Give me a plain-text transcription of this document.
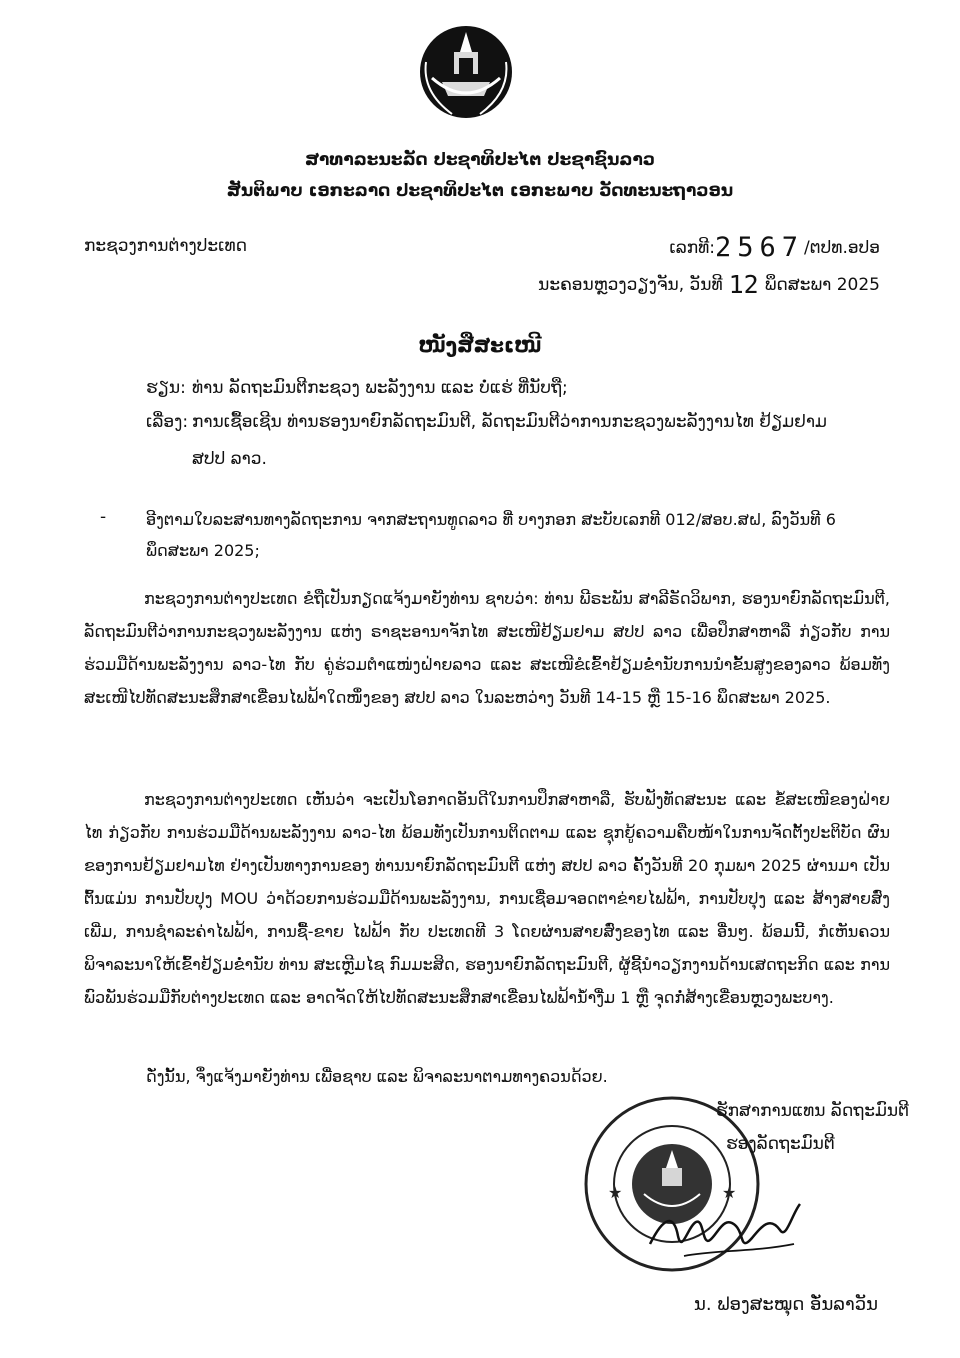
ສາທາລະນະລັດ ປະຊາທິປະໄຕ ປະຊາຊົນລາວ
ສັນຕິພາບ ເອກະລາດ ປະຊາທິປະໄຕ ເອກະພາບ ວັດທະນະຖາວອນ
ກະຊວງການຕ່າງປະເທດ	ເລກທີ:2567/ຕປທ.ອປອ
ນະຄອນຫຼວງວຽງຈັນ, ວັນທີ 12 ພຶດສະພາ 2025
ໜັງສືສະເໜີ
ຮຽນ: ທ່ານ ລັດຖະມົນຕີກະຊວງ ພະລັງງານ ແລະ ບໍ່ແຮ່ ທີ່ນັບຖື;
ເລື່ອງ: ການເຊື້ອເຊີນ ທ່ານຮອງນາຍົກລັດຖະມົນຕີ, ລັດຖະມົນຕີວ່າການກະຊວງພະລັງງານໄທ ຢ້ຽມຢາມ
ສປປ ລາວ.
- ອີງຕາມໃບລະສານທາງລັດຖະການ ຈາກສະຖານທູດລາວ ທີ່ ບາງກອກ ສະບັບເລກທີ 012/ສອບ.ສຝ, ລົງວັນທີ 6 ພຶດສະພາ 2025;
ກະຊວງການຕ່າງປະເທດ ຂໍຖືເປັນກຽດແຈ້ງມາຍັງທ່ານ ຊາບວ່າ: ທ່ານ ພີຣະພັນ ສາລີຣັດວິພາກ, ຮອງນາຍົກລັດຖະມົນຕີ, ລັດຖະມົນຕີວ່າການກະຊວງພະລັງງານ ແຫ່ງ ຣາຊະອານາຈັກໄທ ສະເໜີຢ້ຽມຢາມ ສປປ ລາວ ເພື່ອປຶກສາຫາລື ກ່ຽວກັບ ການຮ່ວມມືດ້ານພະລັງງານ ລາວ-ໄທ ກັບ ຄູ່ຮ່ວມຕຳແໜ່ງຝ່າຍລາວ ແລະ ສະເໜີຂໍເຂົ້າຢ້ຽມຂໍ່ານັບການນຳຂັ້ນສູງຂອງລາວ ພ້ອມທັງສະເໜີໄປທັດສະນະສຶກສາເຂື່ອນໄຟຟ້າໃດໜຶ່ງຂອງ ສປປ ລາວ ໃນລະຫວ່າງ ວັນທີ 14-15 ຫຼື 15-16 ພຶດສະພາ 2025.
ກະຊວງການຕ່າງປະເທດ ເຫັນວ່າ ຈະເປັນໂອກາດອັນດີໃນການປຶກສາຫາລື, ຮັບຟັງທັດສະນະ ແລະ ຂໍ້ສະເໜີຂອງຝ່າຍໄທ ກ່ຽວກັບ ການຮ່ວມມືດ້ານພະລັງງານ ລາວ-ໄທ ພ້ອມທັງເປັນການຕິດຕາມ ແລະ ຊຸກຍູ້ຄວາມຄືບໜ້າໃນການຈັດຕັ້ງປະຕິບັດ ຜົນຂອງການຢ້ຽມຢາມໄທ ຢ່າງເປັນທາງການຂອງ ທ່ານນາຍົກລັດຖະມົນຕີ ແຫ່ງ ສປປ ລາວ ຄັ້ງວັນທີ 20 ກຸມພາ 2025 ຜ່ານມາ ເປັນຕົ້ນແມ່ນ ການປັບປຸງ MOU ວ່າດ້ວຍການຮ່ວມມືດ້ານພະລັງງານ, ການເຊື່ອມຈອດຕາຂ່າຍໄຟຟ້າ, ການປັບປຸງ ແລະ ສ້າງສາຍສົ່ງເພີ່ມ, ການຊຳລະຄ່າໄຟຟ້າ, ການຊື້-ຂາຍ ໄຟຟ້າ ກັບ ປະເທດທີ 3 ໂດຍຜ່ານສາຍສົ່ງຂອງໄທ ແລະ ອື່ນໆ. ພ້ອມນີ້, ກໍເຫັນຄວນພິຈາລະນາໃຫ້ເຂົ້າຢ້ຽມຂໍ່ານັບ ທ່ານ ສະເຫຼີມໄຊ ກົມມະສິດ, ຮອງນາຍົກລັດຖະມົນຕີ, ຜູ້ຊີ້ນຳວຽກງານດ້ານເສດຖະກິດ ແລະ ການພົວພັນຮ່ວມມືກັບຕ່າງປະເທດ ແລະ ອາດຈັດໃຫ້ໄປທັດສະນະສຶກສາເຂື່ອນໄຟຟ້ານ້ຳງື່ມ 1 ຫຼື ຈຸດກໍ່ສ້າງເຂື່ອນຫຼວງພະບາງ.
ດັ່ງນັ້ນ, ຈຶ່ງແຈ້ງມາຍັງທ່ານ ເພື່ອຊາບ ແລະ ພິຈາລະນາຕາມທາງຄວນດ້ວຍ.
★	★
ຮັກສາການແທນ ລັດຖະມົນຕີ
ຮອງລັດຖະມົນຕີ
ນ. ຟອງສະໝຸດ ອັ່ນລາວັນ
